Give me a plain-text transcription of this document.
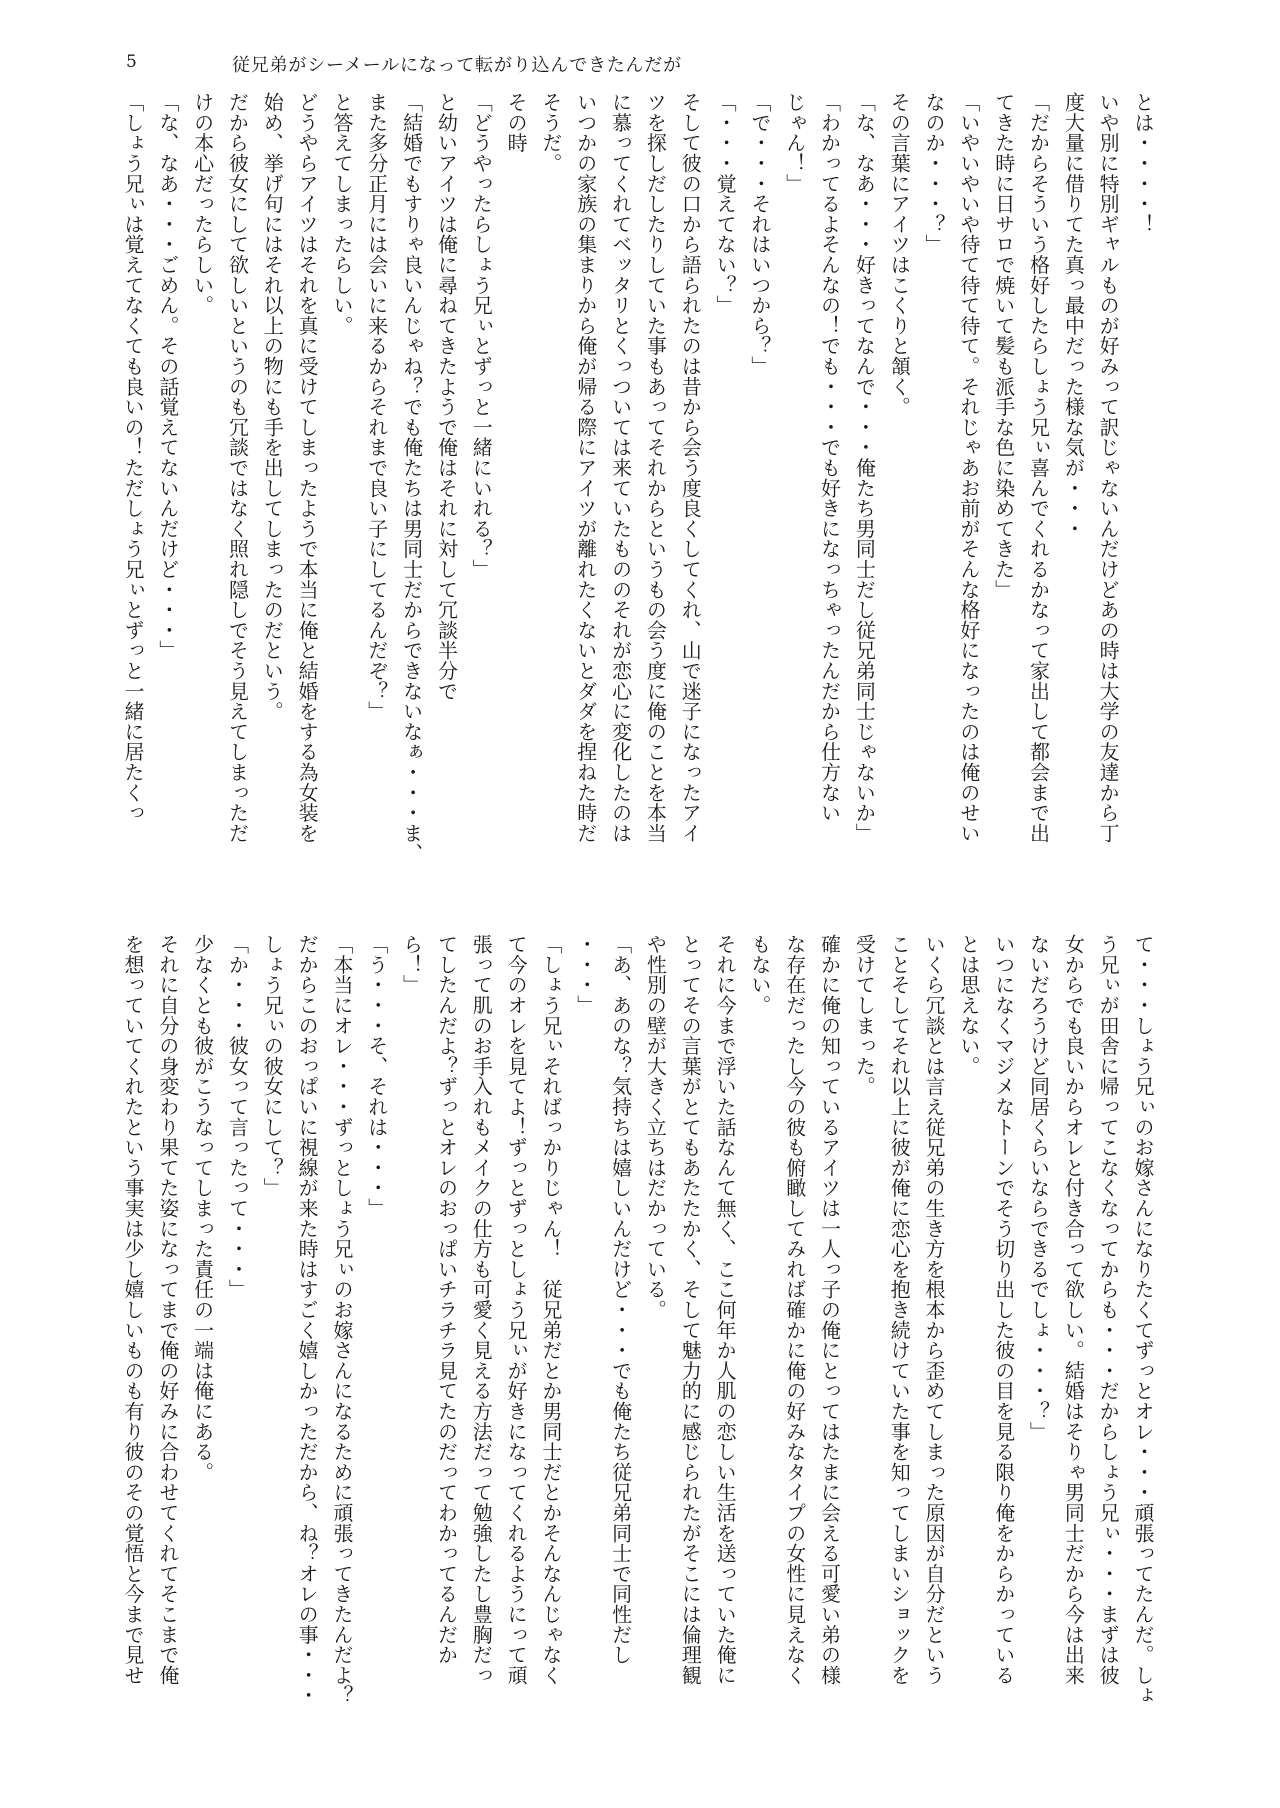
5	従兄弟がシーメールになって転がり込んできたんだが
とは・・・・！
いや別に特別ギャルものが好みって訳じゃないんだけどあの時は大学の友達から丁
度大量に借りてた真っ最中だった様な気が・・・
「だからそういう格好したらしょう兄ぃ喜んでくれるかなって家出して都会まで出
てきた時に日サロで焼いて髪も派手な色に染めてきた」
「いやいやいや待て待て待て。それじゃあお前がそんな格好になったのは俺のせい
なのか・・・？」
その言葉にアイツはこくりと頷く。
「な、なあ・・・好きってなんで・・・俺たち男同士だし従兄弟同士じゃないか」
「わかってるよそんなの！でも・・・でも好きになっちゃったんだから仕方ない
じゃん！」
「で・・・それはいつから？」
「・・・覚えてない？」
そして彼の口から語られたのは昔から会う度良くしてくれ、山で迷子になったアイ
ツを探しだしたりしていた事もあってそれからというもの会う度に俺のことを本当
に慕ってくれてベッタリとくっついては来ていたもののそれが恋心に変化したのは
いつかの家族の集まりから俺が帰る際にアイツが離れたくないとダダを捏ねた時だ
そうだ。
その時
「どうやったらしょう兄ぃとずっと一緒にいれる？」
と幼いアイツは俺に尋ねてきたようで俺はそれに対して冗談半分で
「結婚でもすりゃ良いんじゃね？でも俺たちは男同士だからできないなぁ・・・ま、
また多分正月には会いに来るからそれまで良い子にしてるんだぞ？」
と答えてしまったらしい。
どうやらアイツはそれを真に受けてしまったようで本当に俺と結婚をする為女装を
始め、挙げ句にはそれ以上の物にも手を出してしまったのだという。
だから彼女にして欲しいというのも冗談ではなく照れ隠しでそう見えてしまっただ
けの本心だったらしい。
「な、なあ・・・ごめん。その話覚えてないんだけど・・・」
「しょう兄ぃは覚えてなくても良いの！ただしょう兄ぃとずっと一緒に居たくっ
て・・・しょう兄ぃのお嫁さんになりたくてずっとオレ・・・頑張ってたんだ。しょ
う兄ぃが田舎に帰ってこなくなってからも・・・だからしょう兄ぃ・・・まずは彼
女からでも良いからオレと付き合って欲しい。結婚はそりゃ男同士だから今は出来
ないだろうけど同居くらいならできるでしょ・・・？」
いつになくマジメなトーンでそう切り出した彼の目を見る限り俺をからかっている
とは思えない。
いくら冗談とは言え従兄弟の生き方を根本から歪めてしまった原因が自分だという
ことそしてそれ以上に彼が俺に恋心を抱き続けていた事を知ってしまいショックを
受けてしまった。
確かに俺の知っているアイツは一人っ子の俺にとってはたまに会える可愛い弟の様
な存在だったし今の彼も俯瞰してみれば確かに俺の好みなタイプの女性に見えなく
もない。
それに今まで浮いた話なんて無く、ここ何年か人肌の恋しい生活を送っていた俺に
とってその言葉がとてもあたたかく、そして魅力的に感じられたがそこには倫理観
や性別の壁が大きく立ちはだかっている。
「あ、あのな？気持ちは嬉しいんだけど・・・でも俺たち従兄弟同士で同性だし
・・・」
「しょう兄ぃそればっかりじゃん！　従兄弟だとか男同士だとかそんなんじゃなく
て今のオレを見てよ！ずっとずっとしょう兄ぃが好きになってくれるようにって頑
張って肌のお手入れもメイクの仕方も可愛く見える方法だって勉強したし豊胸だっ
てしたんだよ？ずっとオレのおっぱいチラチラ見てたのだってわかってるんだか
ら！」
「う・・・そ、それは・・・」
「本当にオレ・・・ずっとしょう兄ぃのお嫁さんになるために頑張ってきたんだよ？
だからこのおっぱいに視線が来た時はすごく嬉しかっただから、ね？オレの事・・・
しょう兄ぃの彼女にして？」
「か・・・彼女って言ったって・・・」
少なくとも彼がこうなってしまった責任の一端は俺にある。
それに自分の身変わり果てた姿になってまで俺の好みに合わせてくれてそこまで俺
を想っていてくれたという事実は少し嬉しいものも有り彼のその覚悟と今まで見せ
